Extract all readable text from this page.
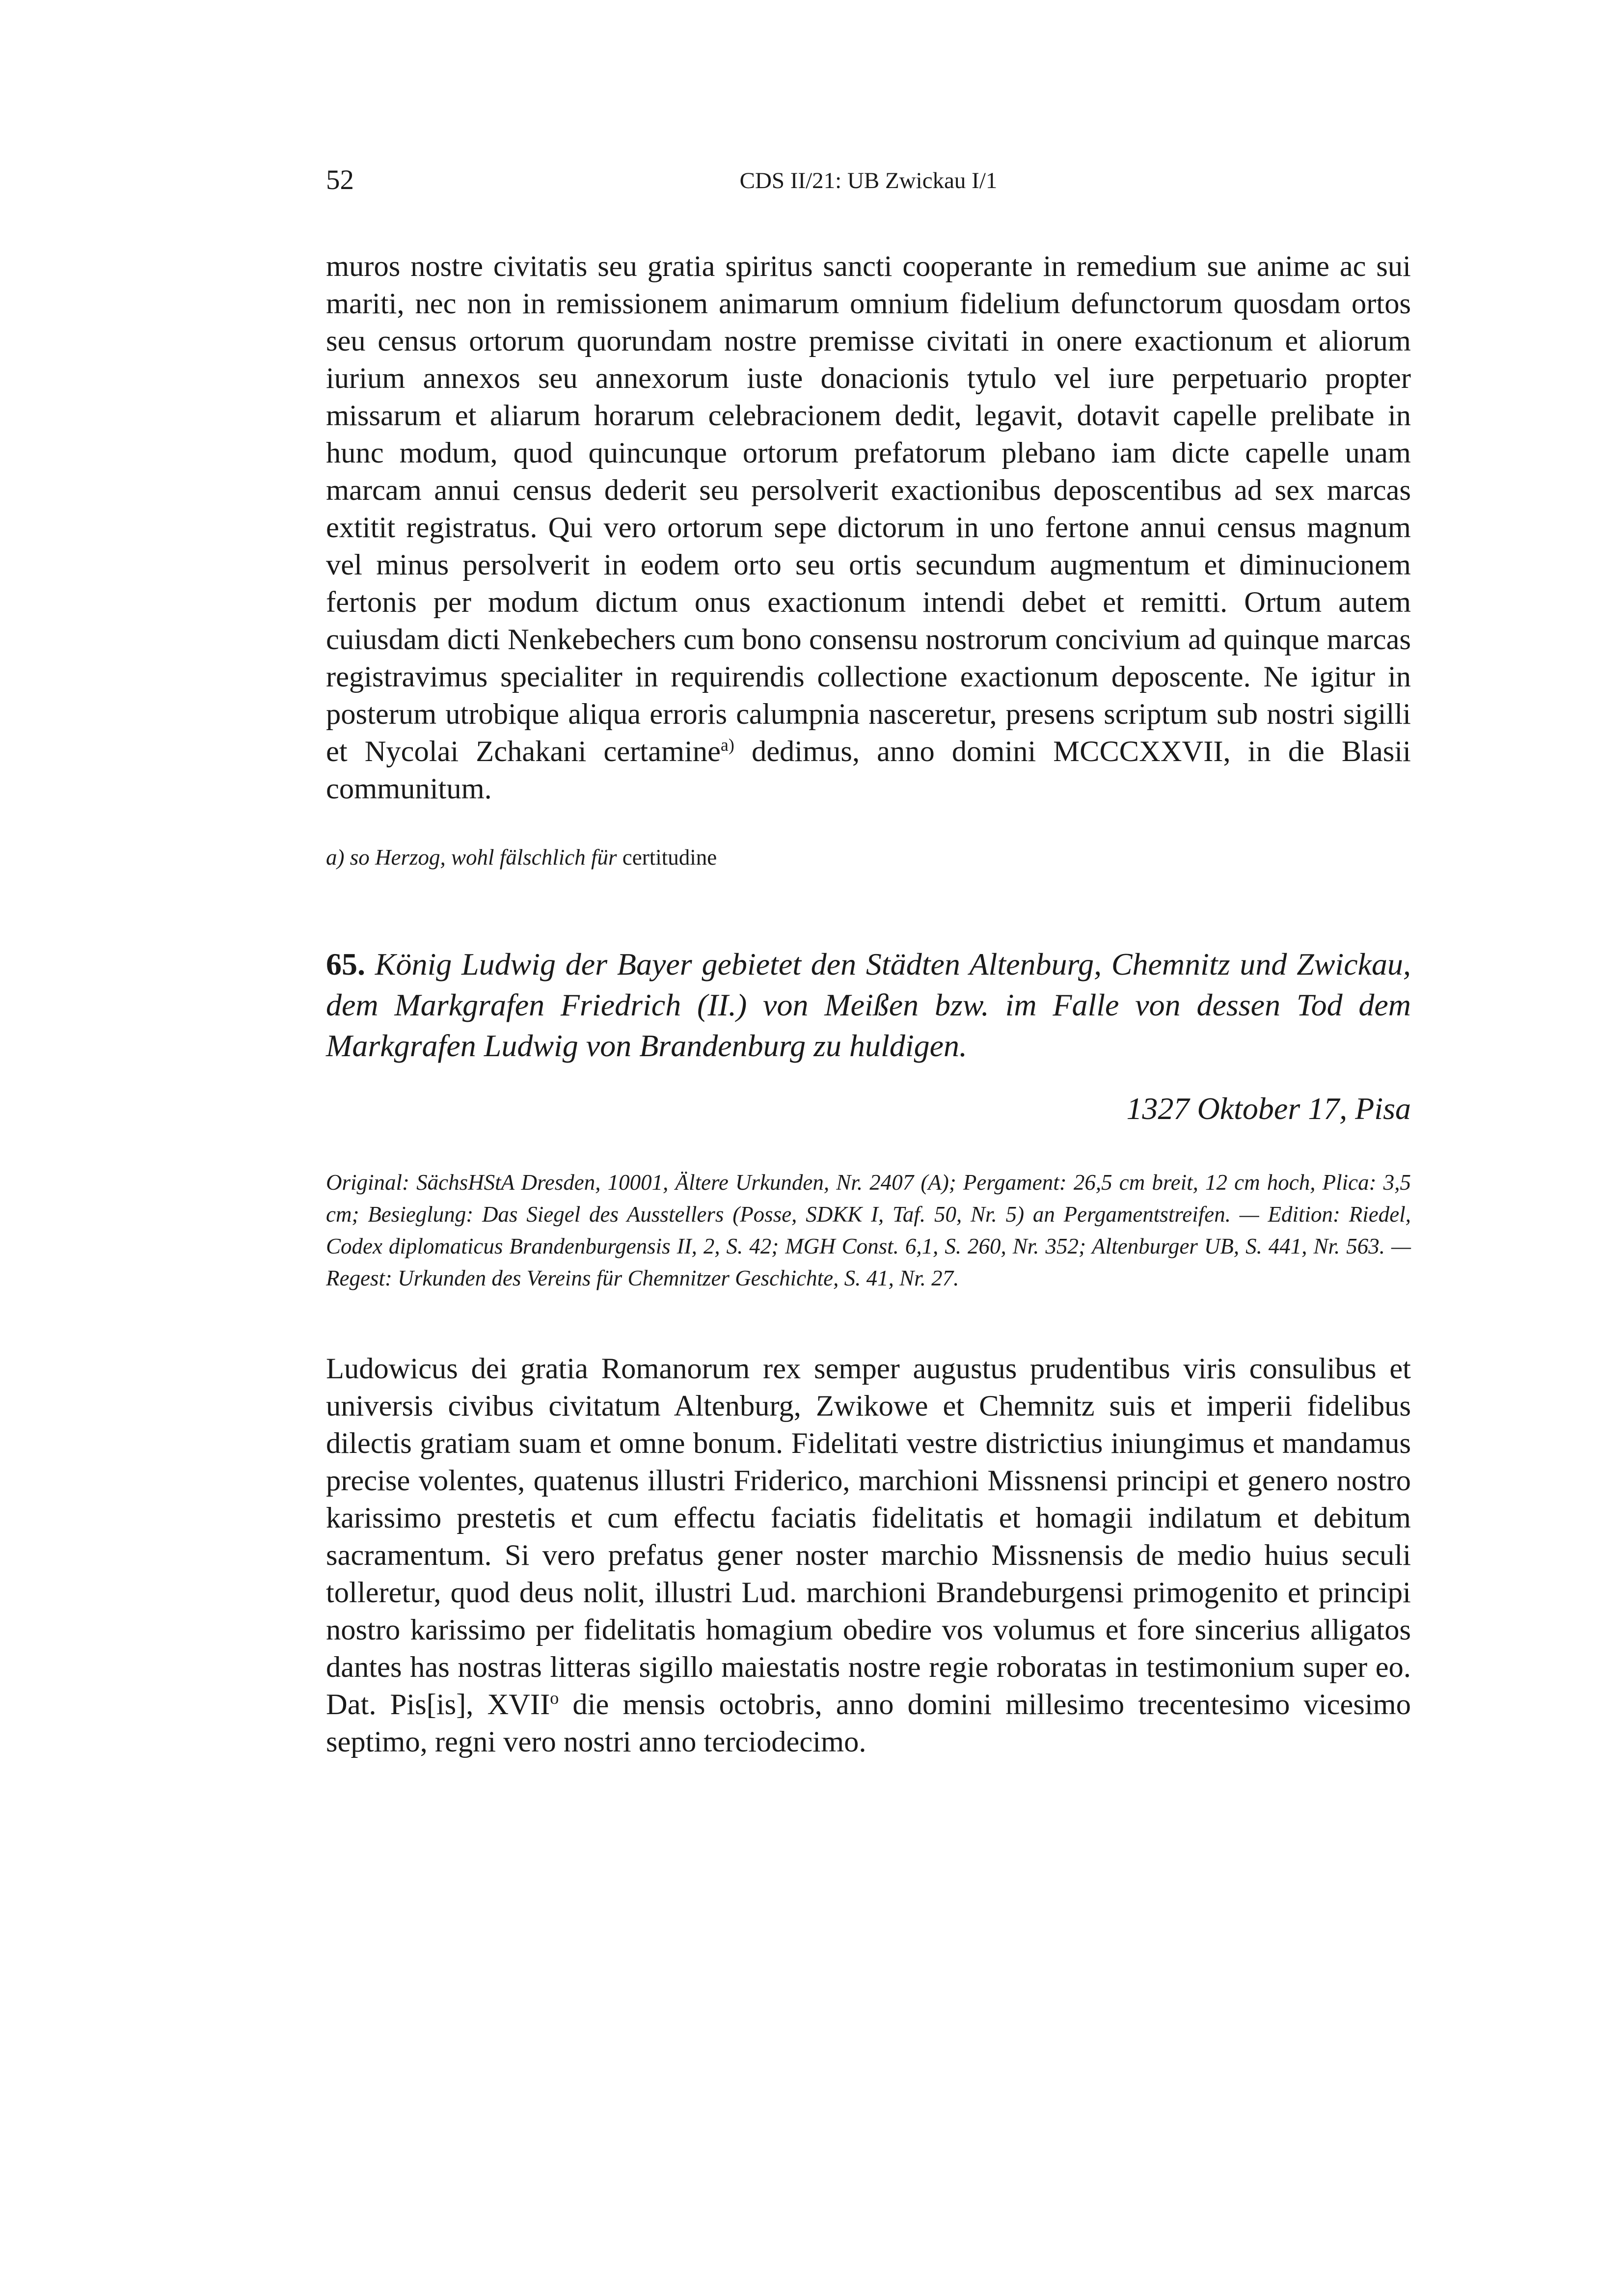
52	CDS II/21: UB Zwickau I/1

muros nostre civitatis seu gratia spiritus sancti cooperante in remedium sue anime ac sui mariti, nec non in remissionem animarum omnium fidelium defunctorum quosdam ortos seu census ortorum quorundam nostre premisse civitati in onere exactionum et aliorum iurium annexos seu annexorum iuste donacionis tytulo vel iure perpetuario propter missarum et aliarum horarum celebracionem dedit, legavit, dotavit capelle prelibate in hunc modum, quod quincunque ortorum prefatorum plebano iam dicte capelle unam marcam annui census dederit seu persolverit exactionibus deposcentibus ad sex marcas extitit registratus. Qui vero ortorum sepe dictorum in uno fertone annui census magnum vel minus persolverit in eodem orto seu ortis secundum augmentum et diminucionem fertonis per modum dictum onus exactionum intendi debet et remitti. Ortum autem cuiusdam dicti Nenkebechers cum bono consensu nostrorum concivium ad quinque marcas registravimus specialiter in requirendis collectione exactionum deposcente. Ne igitur in posterum utrobique aliqua erroris calumpnia nasceretur, presens scriptum sub nostri sigilli et Nycolai Zchakani certamine$^{a)}$ dedimus, anno domini MCCCXXVII, in die Blasii communitum.

a) so Herzog, wohl fälschlich für certitudine

65. König Ludwig der Bayer gebietet den Städten Altenburg, Chemnitz und Zwickau, dem Markgrafen Friedrich (II.) von Meißen bzw. im Falle von dessen Tod dem Markgrafen Ludwig von Brandenburg zu huldigen.

1327 Oktober 17, Pisa

Original: SächsHStA Dresden, 10001, Ältere Urkunden, Nr. 2407 (A); Pergament: 26,5 cm breit, 12 cm hoch, Plica: 3,5 cm; Besieglung: Das Siegel des Ausstellers (Posse, SDKK I, Taf. 50, Nr. 5) an Pergamentstreifen. — Edition: Riedel, Codex diplomaticus Brandenburgensis II, 2, S. 42; MGH Const. 6,1, S. 260, Nr. 352; Altenburger UB, S. 441, Nr. 563. — Regest: Urkunden des Vereins für Chemnitzer Geschichte, S. 41, Nr. 27.

Ludowicus dei gratia Romanorum rex semper augustus prudentibus viris consulibus et universis civibus civitatum Altenburg, Zwikowe et Chemnitz suis et imperii fidelibus dilectis gratiam suam et omne bonum. Fidelitati vestre districtius iniungimus et mandamus precise volentes, quatenus illustri Friderico, marchioni Missnensi principi et genero nostro karissimo prestetis et cum effectu faciatis fidelitatis et homagii indilatum et debitum sacramentum. Si vero prefatus gener noster marchio Missnensis de medio huius seculi tolleretur, quod deus nolit, illustri Lud. marchioni Brandeburgensi primogenito et principi nostro karissimo per fidelitatis homagium obedire vos volumus et fore sincerius alligatos dantes has nostras litteras sigillo maiestatis nostre regie roboratas in testimonium super eo. Dat. Pis[is], XVII$^o$ die mensis octobris, anno domini millesimo trecentesimo vicesimo septimo, regni vero nostri anno terciodecimo.
